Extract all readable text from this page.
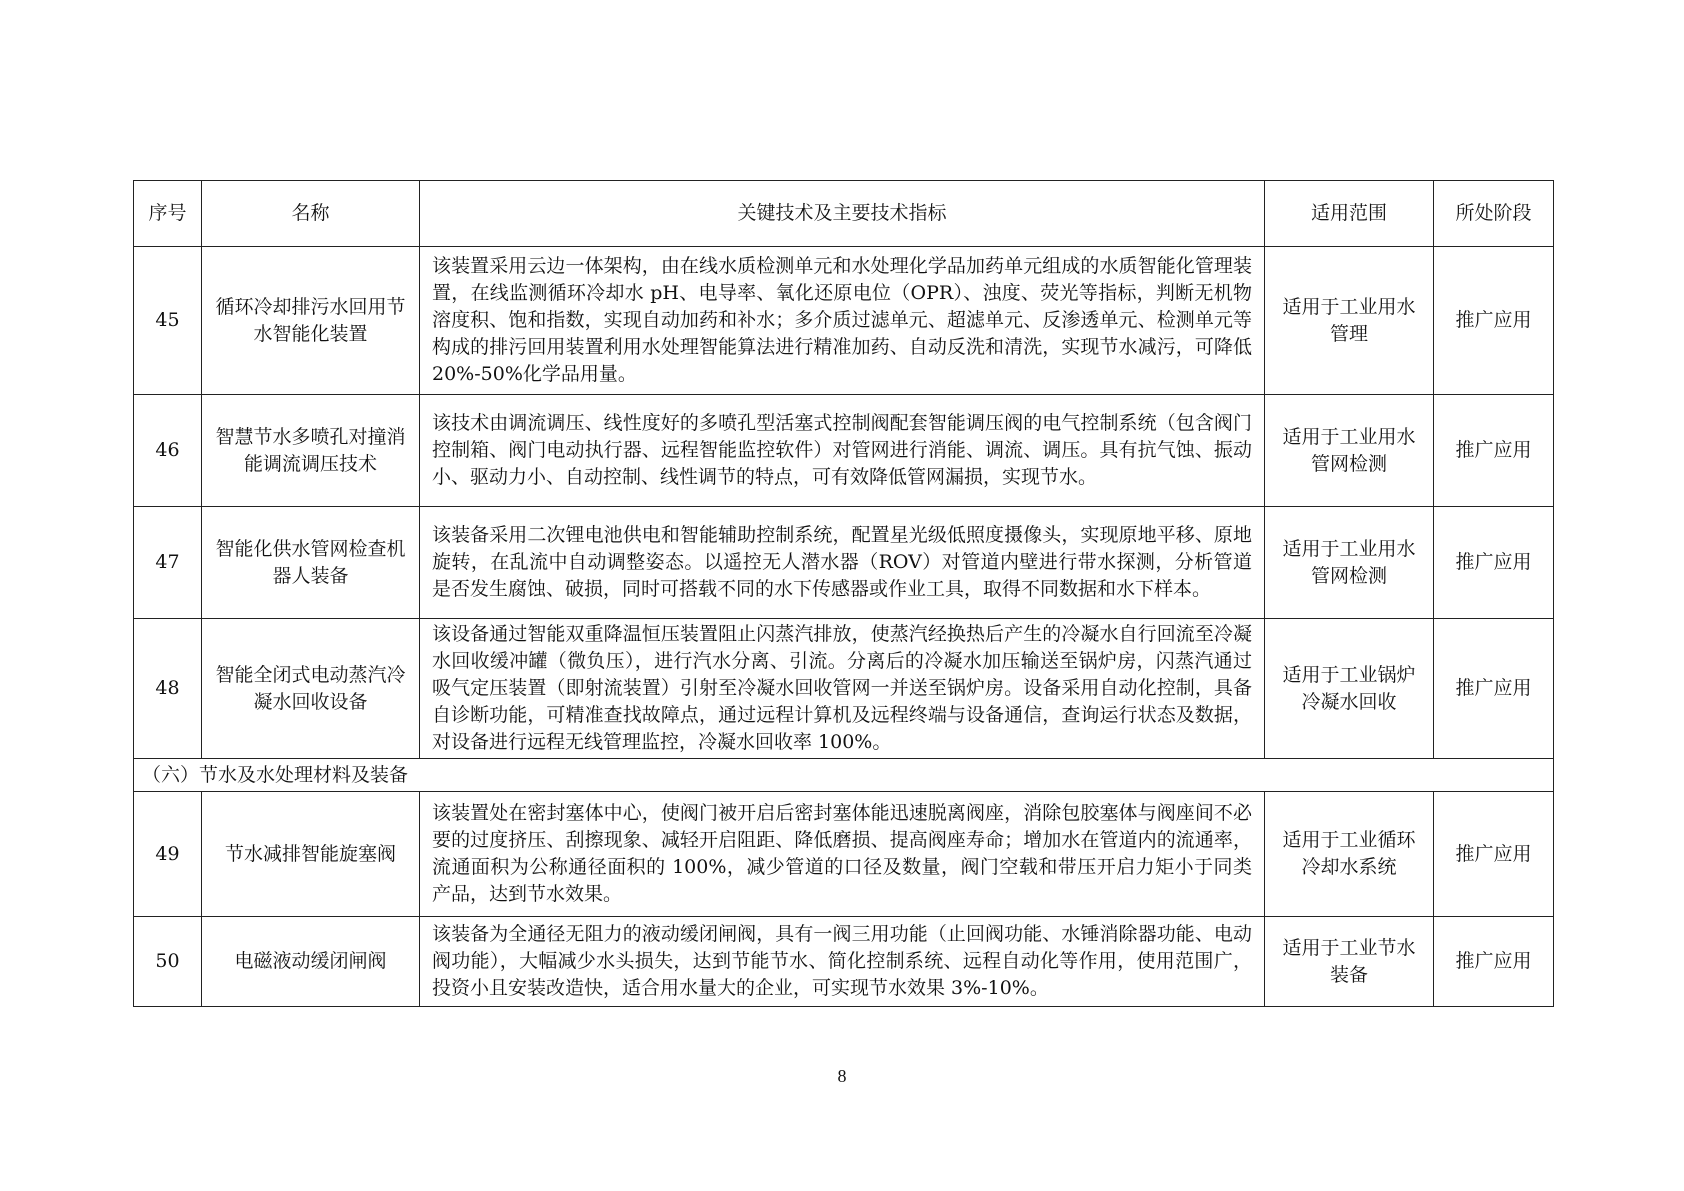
序号	名称	关键技术及主要技术指标	适用范围	所处阶段
45	循环冷却排污水回用节水智能化装置	该装置采用云边一体架构，由在线水质检测单元和水处理化学品加药单元组成的水质智能化管理装置，在线监测循环冷却水 pH、电导率、氧化还原电位（OPR）、浊度、荧光等指标，判断无机物溶度积、饱和指数，实现自动加药和补水；多介质过滤单元、超滤单元、反渗透单元、检测单元等构成的排污回用装置利用水处理智能算法进行精准加药、自动反洗和清洗，实现节水减污，可降低 20%-50%化学品用量。	适用于工业用水管理	推广应用
46	智慧节水多喷孔对撞消能调流调压技术	该技术由调流调压、线性度好的多喷孔型活塞式控制阀配套智能调压阀的电气控制系统（包含阀门控制箱、阀门电动执行器、远程智能监控软件）对管网进行消能、调流、调压。具有抗气蚀、振动小、驱动力小、自动控制、线性调节的特点，可有效降低管网漏损，实现节水。	适用于工业用水管网检测	推广应用
47	智能化供水管网检查机器人装备	该装备采用二次锂电池供电和智能辅助控制系统，配置星光级低照度摄像头，实现原地平移、原地旋转，在乱流中自动调整姿态。以遥控无人潜水器（ROV）对管道内壁进行带水探测，分析管道是否发生腐蚀、破损，同时可搭载不同的水下传感器或作业工具，取得不同数据和水下样本。	适用于工业用水管网检测	推广应用
48	智能全闭式电动蒸汽冷凝水回收设备	该设备通过智能双重降温恒压装置阻止闪蒸汽排放，使蒸汽经换热后产生的冷凝水自行回流至冷凝水回收缓冲罐（微负压），进行汽水分离、引流。分离后的冷凝水加压输送至锅炉房，闪蒸汽通过吸气定压装置（即射流装置）引射至冷凝水回收管网一并送至锅炉房。设备采用自动化控制，具备自诊断功能，可精准查找故障点，通过远程计算机及远程终端与设备通信，查询运行状态及数据，对设备进行远程无线管理监控，冷凝水回收率 100%。	适用于工业锅炉冷凝水回收	推广应用
（六）节水及水处理材料及装备				
49	节水减排智能旋塞阀	该装置处在密封塞体中心，使阀门被开启后密封塞体能迅速脱离阀座，消除包胶塞体与阀座间不必要的过度挤压、刮擦现象、减轻开启阻距、降低磨损、提高阀座寿命；增加水在管道内的流通率，流通面积为公称通径面积的 100%，减少管道的口径及数量，阀门空载和带压开启力矩小于同类产品，达到节水效果。	适用于工业循环冷却水系统	推广应用
50	电磁液动缓闭闸阀	该装备为全通径无阻力的液动缓闭闸阀，具有一阀三用功能（止回阀功能、水锤消除器功能、电动阀功能），大幅减少水头损失，达到节能节水、简化控制系统、远程自动化等作用，使用范围广，投资小且安装改造快，适合用水量大的企业，可实现节水效果 3%-10%。	适用于工业节水装备	推广应用
8
